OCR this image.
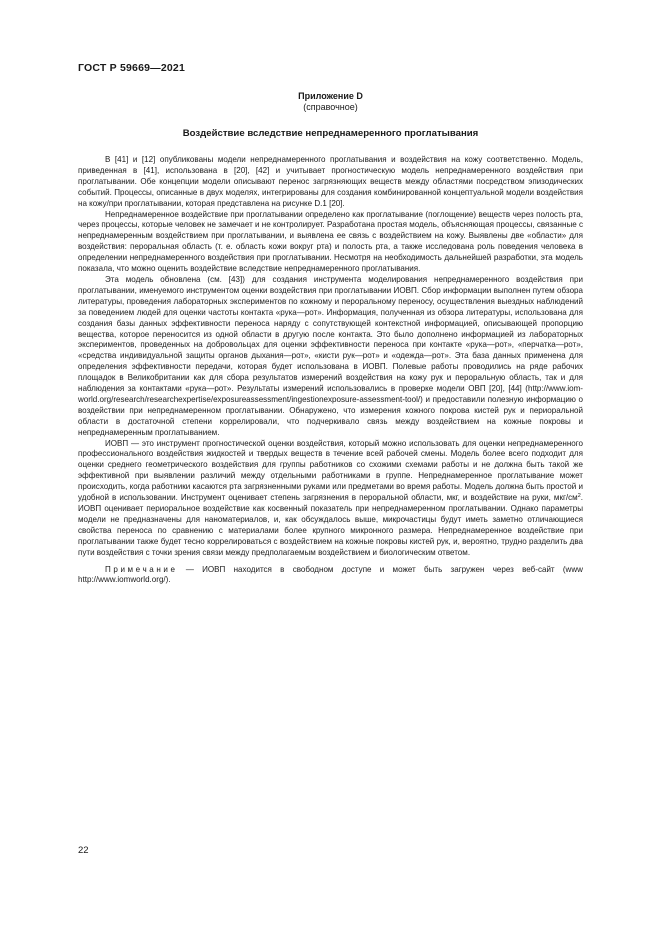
ГОСТ Р 59669—2021
Приложение D
(справочное)
Воздействие вследствие непреднамеренного проглатывания

В [41] и [12] опубликованы модели непреднамеренного проглатывания и воздействия на кожу соответственно. Модель, приведенная в [41], использована в [20], [42] и учитывает прогностическую модель непреднамеренного воздействия при проглатывании. Обе концепции модели описывают перенос загрязняющих веществ между областями посредством эпизодических событий. Процессы, описанные в двух моделях, интегрированы для создания комбинированной концептуальной модели воздействия на кожу/при проглатывании, которая представлена на рисунке D.1 [20].

Непреднамеренное воздействие при проглатывании определено как проглатывание (поглощение) веществ через полость рта, через процессы, которые человек не замечает и не контролирует. Разработана простая модель, объясняющая процессы, связанные с непреднамеренным воздействием при проглатывании, и выявлена ее связь с воздействием на кожу. Выявлены две «области» для воздействия: перoральная область (т. е. область кожи вокруг рта) и полость рта, а также исследована роль поведения человека в определении непреднамеренного воздействия при проглатывании. Несмотря на необходимость дальнейшей разработки, эта модель показала, что можно оценить воздействие вследствие непреднамеренного проглатывания.

Эта модель обновлена (см. [43]) для создания инструмента моделирования непреднамеренного воздействия при проглатывании, именуемого инструментом оценки воздействия при проглатывании ИОВП. Сбор информации выполнен путем обзора литературы, проведения лабораторных экспериментов по кожному и пероральному переносу, осуществления выездных наблюдений за поведением людей для оценки частоты контакта «рука—рот». Информация, полученная из обзора литературы, использована для создания базы данных эффективности переноса наряду с сопутствующей контекстной информацией, описывающей пропорцию вещества, которое переносится из одной области в другую после контакта. Это было дополнено информацией из лабораторных экспериментов, проведенных на добровольцах для оценки эффективности переноса при контакте «рука—рот», «перчатка—рот», «средства индивидуальной защиты органов дыхания—рот», «кисти рук—рот» и «одежда—рот». Эта база данных применена для определения эффективности передачи, которая будет использована в ИОВП. Полевые работы проводились на ряде рабочих площадок в Великобритании как для сбора результатов измерений воздействия на кожу рук и перoральную область, так и для наблюдения за контактами «рука—рот». Результаты измерений использовались в проверке модели ОВП [20], [44] (http://www.iom-world.org/research/researchexpertise/exposureassessment/ingestionexposure-assessment-tool/) и предоставили полезную информацию о воздействии при непреднамеренном проглатывании. Обнаружено, что измерения кожного покрова кистей рук и периоральной области в достаточной степени коррелировали, что подчеркивало связь между воздействием на кожные покровы и непреднамеренным проглатыванием.

ИОВП — это инструмент прогностической оценки воздействия, который можно использовать для оценки непреднамеренного профессионального воздействия жидкостей и твердых веществ в течение всей рабочей смены. Модель более всего подходит для оценки среднего геометрического воздействия для группы работников со схожими схемами работы и не должна быть такой же эффективной при выявлении различий между отдельными работниками в группе. Непреднамеренное проглатывание может происходить, когда работники касаются рта загрязненными руками или предметами во время работы. Модель должна быть простой и удобной в использовании. Инструмент оценивает степень загрязнения в перoральной области, мкг, и воздействие на руки, мкг/$см^2$. ИОВП оценивает периоральное воздействие как косвенный показатель при непреднамеренном проглатывании. Однако параметры модели не предназначены для наноматериалов, и, как обсуждалось выше, микрочастицы будут иметь заметно отличающиеся свойства переноса по сравнению с материалами более крупного микронного размера. Непреднамеренное воздействие при проглатывании также будет тесно коррелироваться с воздействием на кожные покровы кистей рук, и, вероятно, трудно разделить два пути воздействия с точки зрения связи между предполагаемым воздействием и биологическим ответом.

Примечание — ИОВП находится в свободном доступе и может быть загружен через веб-сайт (www http://www.iomworld.org/).

22
